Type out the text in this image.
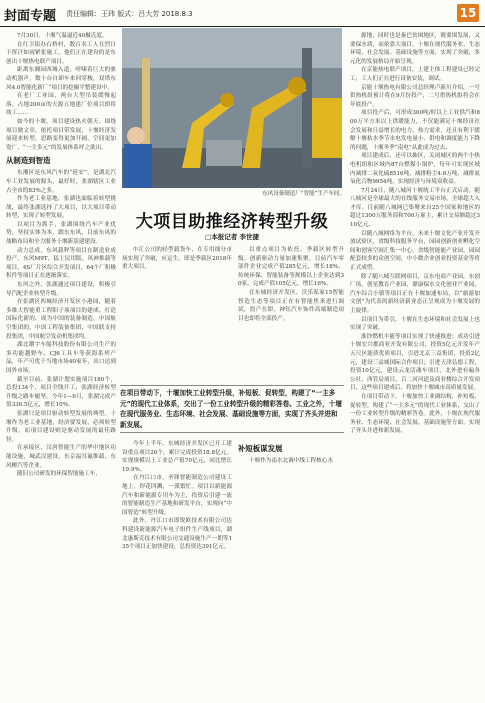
封面专题 责任编辑：王玮 版式：吕大芳 2018.8.3	15
东风设备制造厂“智能”生产车间。
大项目助推经济转型升级
□本报记者 李世捷

7月30日，十堰气温逼近40摄氏度。

在红卫街办石桥村，数百名工人在烈日下挥汗如雨紧张施工，他们正在建设的是东创出十堰热电联产项目。

距离东湘园西城入道，呼啸着巨大的驱动机器声，数十台自卸车来回穿梭，双塔东风4.0智能化新厂“项目的挖掘平整建设中。

在老厂工业园，两台大型吊装缓慢起落，占地200亩的天源五地建厂位项目即将竣工……

如今的十堰，项目建设热火朝天。围绕项目做文章，依托项目带发展，十堰经济发展迎来转型，思路变得更加开阔，空间更加宽广，“一主多元”的发展体系呼之欲出。

从制造到智造

东湘区是东风汽车的“延安”，是湖北汽车工业发展的源头，最好时，张湖辖区工业占全市的83%之多。

作为老工业基地，张湖也面临着转型挑战，最终张湖选择了大项目，以大项目带动转型，实现了转型发展。

以项目为抓手，张湖围绕汽车产业优势，坚持实体为本，跟东东风，目前东风的战略布局和全力服务十堰新基建建设。

动力总成，东风载秤等项目在制造业成投产，东风M9T、猛士民用版、风神推载等项目，4S厂片区综合开发项目，64个厂积极积件等项目正在逐渐落实。

东风之外，张湖通过项目建设，积极引导汽配企业转型升级。

在张湖区西城经济开发区小港园，随着多维大智能重工程阳子项项目的建成、打造国际化新的、成为中国的装备制造，中国航空集团的，中国工程装备集团，中国联支持投集团，中国航空发动机集团均。

湖北潮宇车船科技股份有限公司生产的多功能越野车、CJ6工具车等获海系列产品，年产可优于当地市场40家年，出口达到国外市场。

截至目前，张湖计划实施项目180个，总投134个，项目全线开工，张湖经济转型升级之路步履坚，今年1—6月，张湖完成产值336.5亿元，增长10%。

张湖只是项目驱动转型发展的典型。十堰作为老工业基地，经济要发展，必须转型升级，而项目建设则是驱动发展的最佳路径。

在承接区，汉唐智能生产的华中地区功能设施，城武汉建设，东京福耳氟维载，东风柳汽等企业。

随旧公司研发的环保智能施工车，

中汇公司的轻型载货车，在专用细分市场实现了突破，应运生。即是季载区2018年重大项目。

以重点项目为依托，季载区转型升级、创新驱动力量加速集聚。目前汽车零部件企业完成产值285亿元，增长18%，传统环保、智能装备等规模以上企业达到30家，完成产值105亿元，增长16%。

在东城经济开发区，沃乐私家15智能智造生态等项目正在有智能焦米进行调试，投产在即，神钰汽车饰件高端制造项目也即将全部投产。

在项目带动下，十堰加快工业转型升级，补短板、促转型，构建了“一主多元”的现代工业体系，交出了一份工业转型升级的精彩答卷。工业之外，十堰在现代服务业、生态环境、社会发展、基础设施等方面，实现了齐头并进和新发展。

今年上半年，东城经济开发区已开工建设重点项目26个，累计完成投资18.8亿元，实现规模以上工业总产值70亿元，同比增长19.9%。

在丹江口市，圣锋智能制造公司建设工地上，焊花四溅，一派繁忙。项目以新能源汽车和新能源专用车为主，投资后引建一流的智能制造生产基地和研发平台，实现向“中国智造”转型升级。

此外，丹江口市即锐欧技术有限公司达科建设新能源汽车电子组件生产线项目，湖北惠斯克技术有限公司交通设施生产一期等135个项目正加快建设，总投资达391亿元。

补短板谋发展

十堰作为南水北调中线工程核心水

源地，同时也是秦巴贫困地区，既要围发展，又要保水质，而依靠大项目，十堰在现代服务业、生态环境、社会发展、基础设施等方面，实现了突破，多元化的发展格局开始呈现。

在京能热电联产项目，土建主体工程建设已经完工，工人们正在进行设备安装，调试。

京能十堰热电有限公司总经理卢新川介绍，一号供热机组预计将在9月份投产，二号供热机组将会在年底投产。

项目投产后，可形成300吨/时以上工业供汽和800万平方米以上供暖能力，不仅能满足十堰经济社会发展和日益增长的电力、热力需求，还且有利于缓解十堰枯水季节水电发电量小、供电和调度能力下降的问题，十堰冬季“南电”从此成为过去。

项目建成后，还可以抽区，关闭城区的两个小热电机组和区域内87台燃煤小锅炉，每年可实现区域内减排二氧化硫8516吨，减排粉尘4.8万吨，减排氮氧化合物9954吨，实现经济与环境双收益。

7月24日，随八城河十堰统工平台正式启动。随八城河是全球最大的在线服务交易市场，全球超大入才库。目前随八城网已集聚来自25个国家和地区的超过1300万服务商和700万雇主，累计交易额超过310亿元。

以随八城网络为平台，未来十堰文化产业开发开放试验区，省级科技服务平台，园园创新创业孵化空间和创客空间汇集一中心，省级智能能产业园，园园配套较多的众创空间，中小微企业创业投资基金等将正式成型。

除了随八城互联网项目，京东电商产业园，东创厂场，创星教育产业园，鼎康保水文化创业产业园，汽车综合小镇等项目正在十堰加速布局，以“旅游加文创”为代表的新经济新业态正呈现成为十堰发展的主旋律。

以项目为带引，十堰在生态环境和社会发展上也实现了突破。

淮钞燃机丰能等项目实现了快速推进；成功引进十堰宏兴都商业开发有限公司，投资5亿元开发年产五尺区能质优质项目，引进北京三益集团，投资2亿元，建设三益城国际合作项目；引进天津弘德工程，投资10亿元，建设云龙活魂车项目，北外进有遍各公社，西管局项目，百二河河道及商业楼综合开发项目，这些项目建成后，将加快十堰城市高质量发展。

在项目带动下，十堰加快工业调结构，补短板、促转型，构建了“一主多元”的现代工业体系，交出了一份工业转型升级的精彩答卷。此外，十堰在现代服务业、生态环境、社会发展、基础设施等方面，实现了齐头并进和新发展。
